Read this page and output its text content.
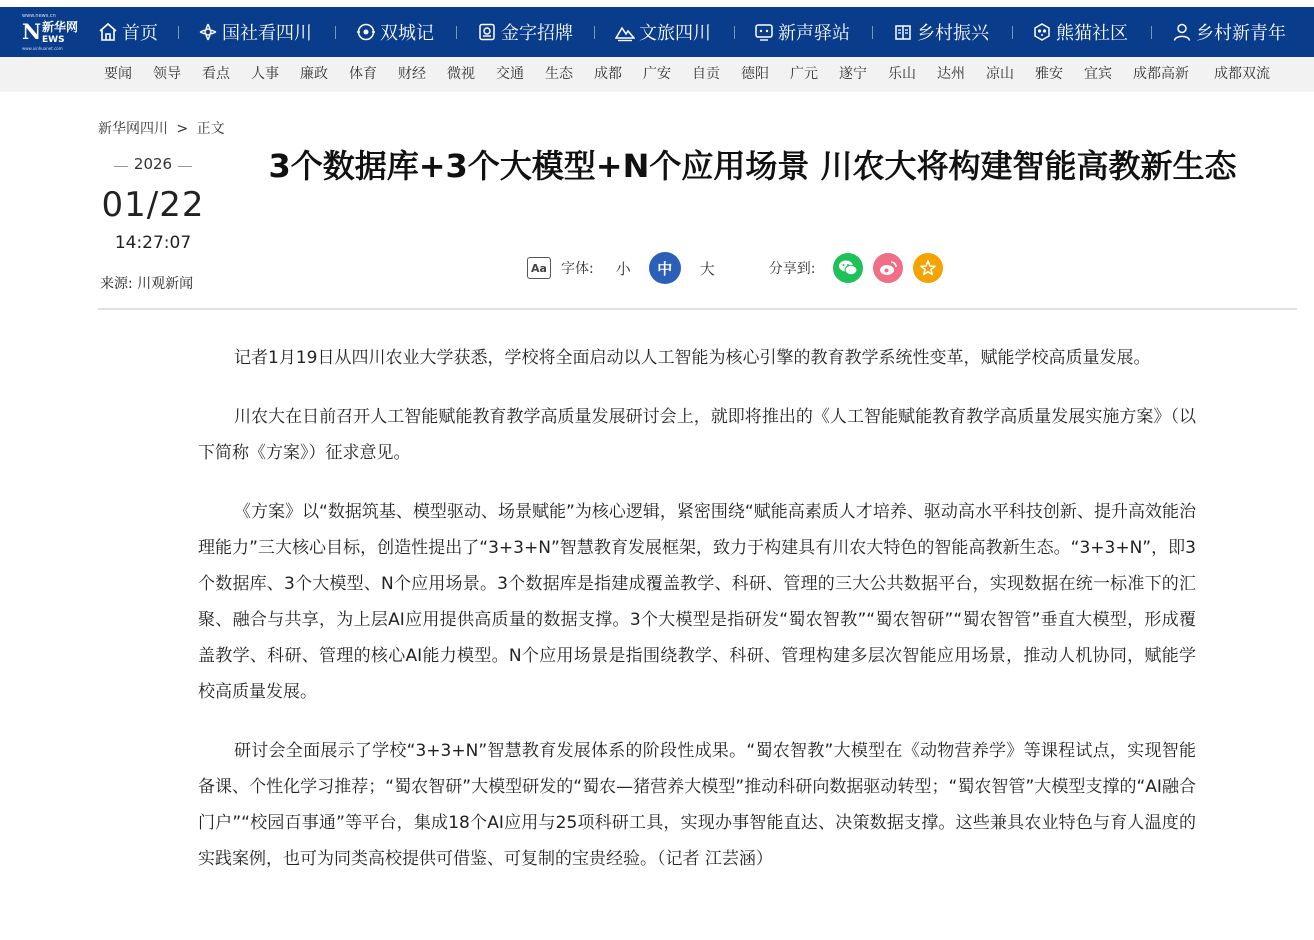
www.news.cn
N 新华网
EWS
www.xinhuanet.com
首页	国社看四川	双城记	金字招牌	文旅四川	新声驿站	乡村振兴	熊猫社区	乡村新青年
要闻 领导 看点 人事 廉政 体育 财经 微视 交通 生态 成都 广安 自贡 德阳 广元 遂宁 乐山 达州 凉山 雅安 宜宾 成都高新 成都双流
新华网四川 > 正文
2026
01/22
14:27:07
来源: 川观新闻
3个数据库+3个大模型+N个应用场景 川农大将构建智能高教新生态
Aa 字体: 小	中	大	分享到:

记者1月19日从四川农业大学获悉，学校将全面启动以人工智能为核心引擎的教育教学系统性变革，赋能学校高质量发展。

川农大在日前召开人工智能赋能教育教学高质量发展研讨会上，就即将推出的《人工智能赋能教育教学高质量发展实施方案》（以下简称《方案》）征求意见。

《方案》以“数据筑基、模型驱动、场景赋能”为核心逻辑，紧密围绕“赋能高素质人才培养、驱动高水平科技创新、提升高效能治理能力”三大核心目标，创造性提出了“3+3+N”智慧教育发展框架，致力于构建具有川农大特色的智能高教新生态。“3+3+N”，即3个数据库、3个大模型、N个应用场景。3个数据库是指建成覆盖教学、科研、管理的三大公共数据平台，实现数据在统一标准下的汇聚、融合与共享，为上层AI应用提供高质量的数据支撑。3个大模型是指研发“蜀农智教”“蜀农智研”“蜀农智管”垂直大模型，形成覆盖教学、科研、管理的核心AI能力模型。N个应用场景是指围绕教学、科研、管理构建多层次智能应用场景，推动人机协同，赋能学校高质量发展。

研讨会全面展示了学校“3+3+N”智慧教育发展体系的阶段性成果。“蜀农智教”大模型在《动物营养学》等课程试点，实现智能备课、个性化学习推荐；“蜀农智研”大模型研发的“蜀农—猪营养大模型”推动科研向数据驱动转型；“蜀农智管”大模型支撑的“AI融合门户”“校园百事通”等平台，集成18个AI应用与25项科研工具，实现办事智能直达、决策数据支撑。这些兼具农业特色与育人温度的实践案例，也可为同类高校提供可借鉴、可复制的宝贵经验。（记者 江芸涵）
